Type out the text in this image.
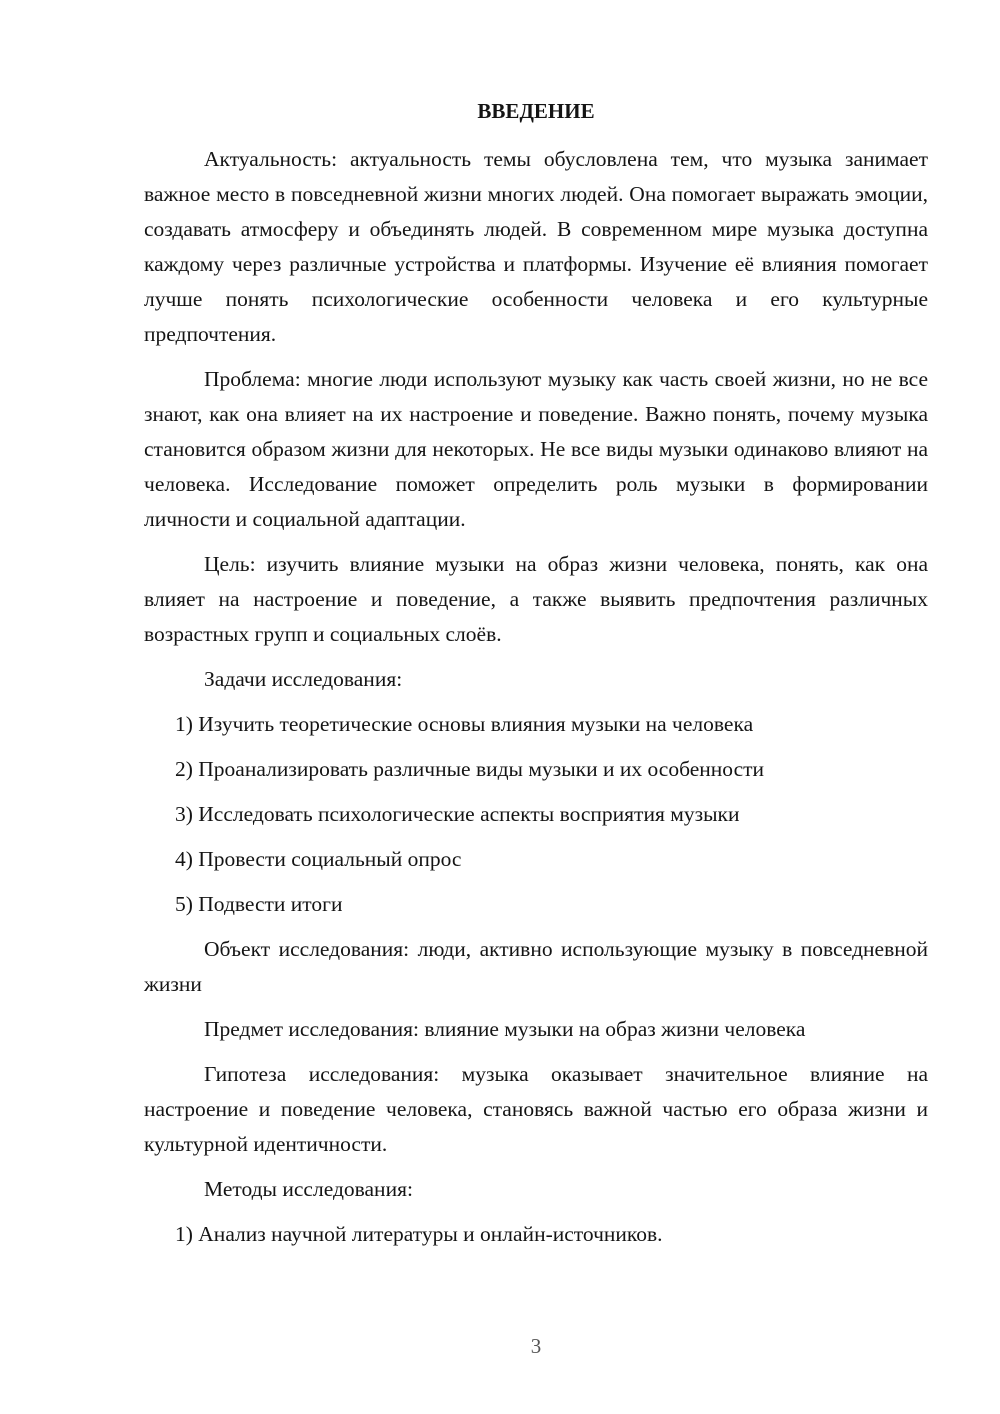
ВВЕДЕНИЕ

Актуальность: актуальность темы обусловлена тем, что музыка занимает важное место в повседневной жизни многих людей. Она помогает выражать эмоции, создавать атмосферу и объединять людей. В современном мире музыка доступна каждому через различные устройства и платформы. Изучение её влияния помогает лучше понять психологические особенности человека и его культурные предпочтения.

Проблема: многие люди используют музыку как часть своей жизни, но не все знают, как она влияет на их настроение и поведение. Важно понять, почему музыка становится образом жизни для некоторых. Не все виды музыки одинаково влияют на человека. Исследование поможет определить роль музыки в формировании личности и социальной адаптации.

Цель: изучить влияние музыки на образ жизни человека, понять, как она влияет на настроение и поведение, а также выявить предпочтения различных возрастных групп и социальных слоёв.

Задачи исследования:

1) Изучить теоретические основы влияния музыки на человека

2) Проанализировать различные виды музыки и их особенности

3) Исследовать психологические аспекты восприятия музыки

4) Провести социальный опрос

5) Подвести итоги

Объект исследования: люди, активно использующие музыку в повседневной жизни

Предмет исследования: влияние музыки на образ жизни человека

Гипотеза исследования: музыка оказывает значительное влияние на настроение и поведение человека, становясь важной частью его образа жизни и культурной идентичности.

Методы исследования:

1) Анализ научной литературы и онлайн-источников.

3
